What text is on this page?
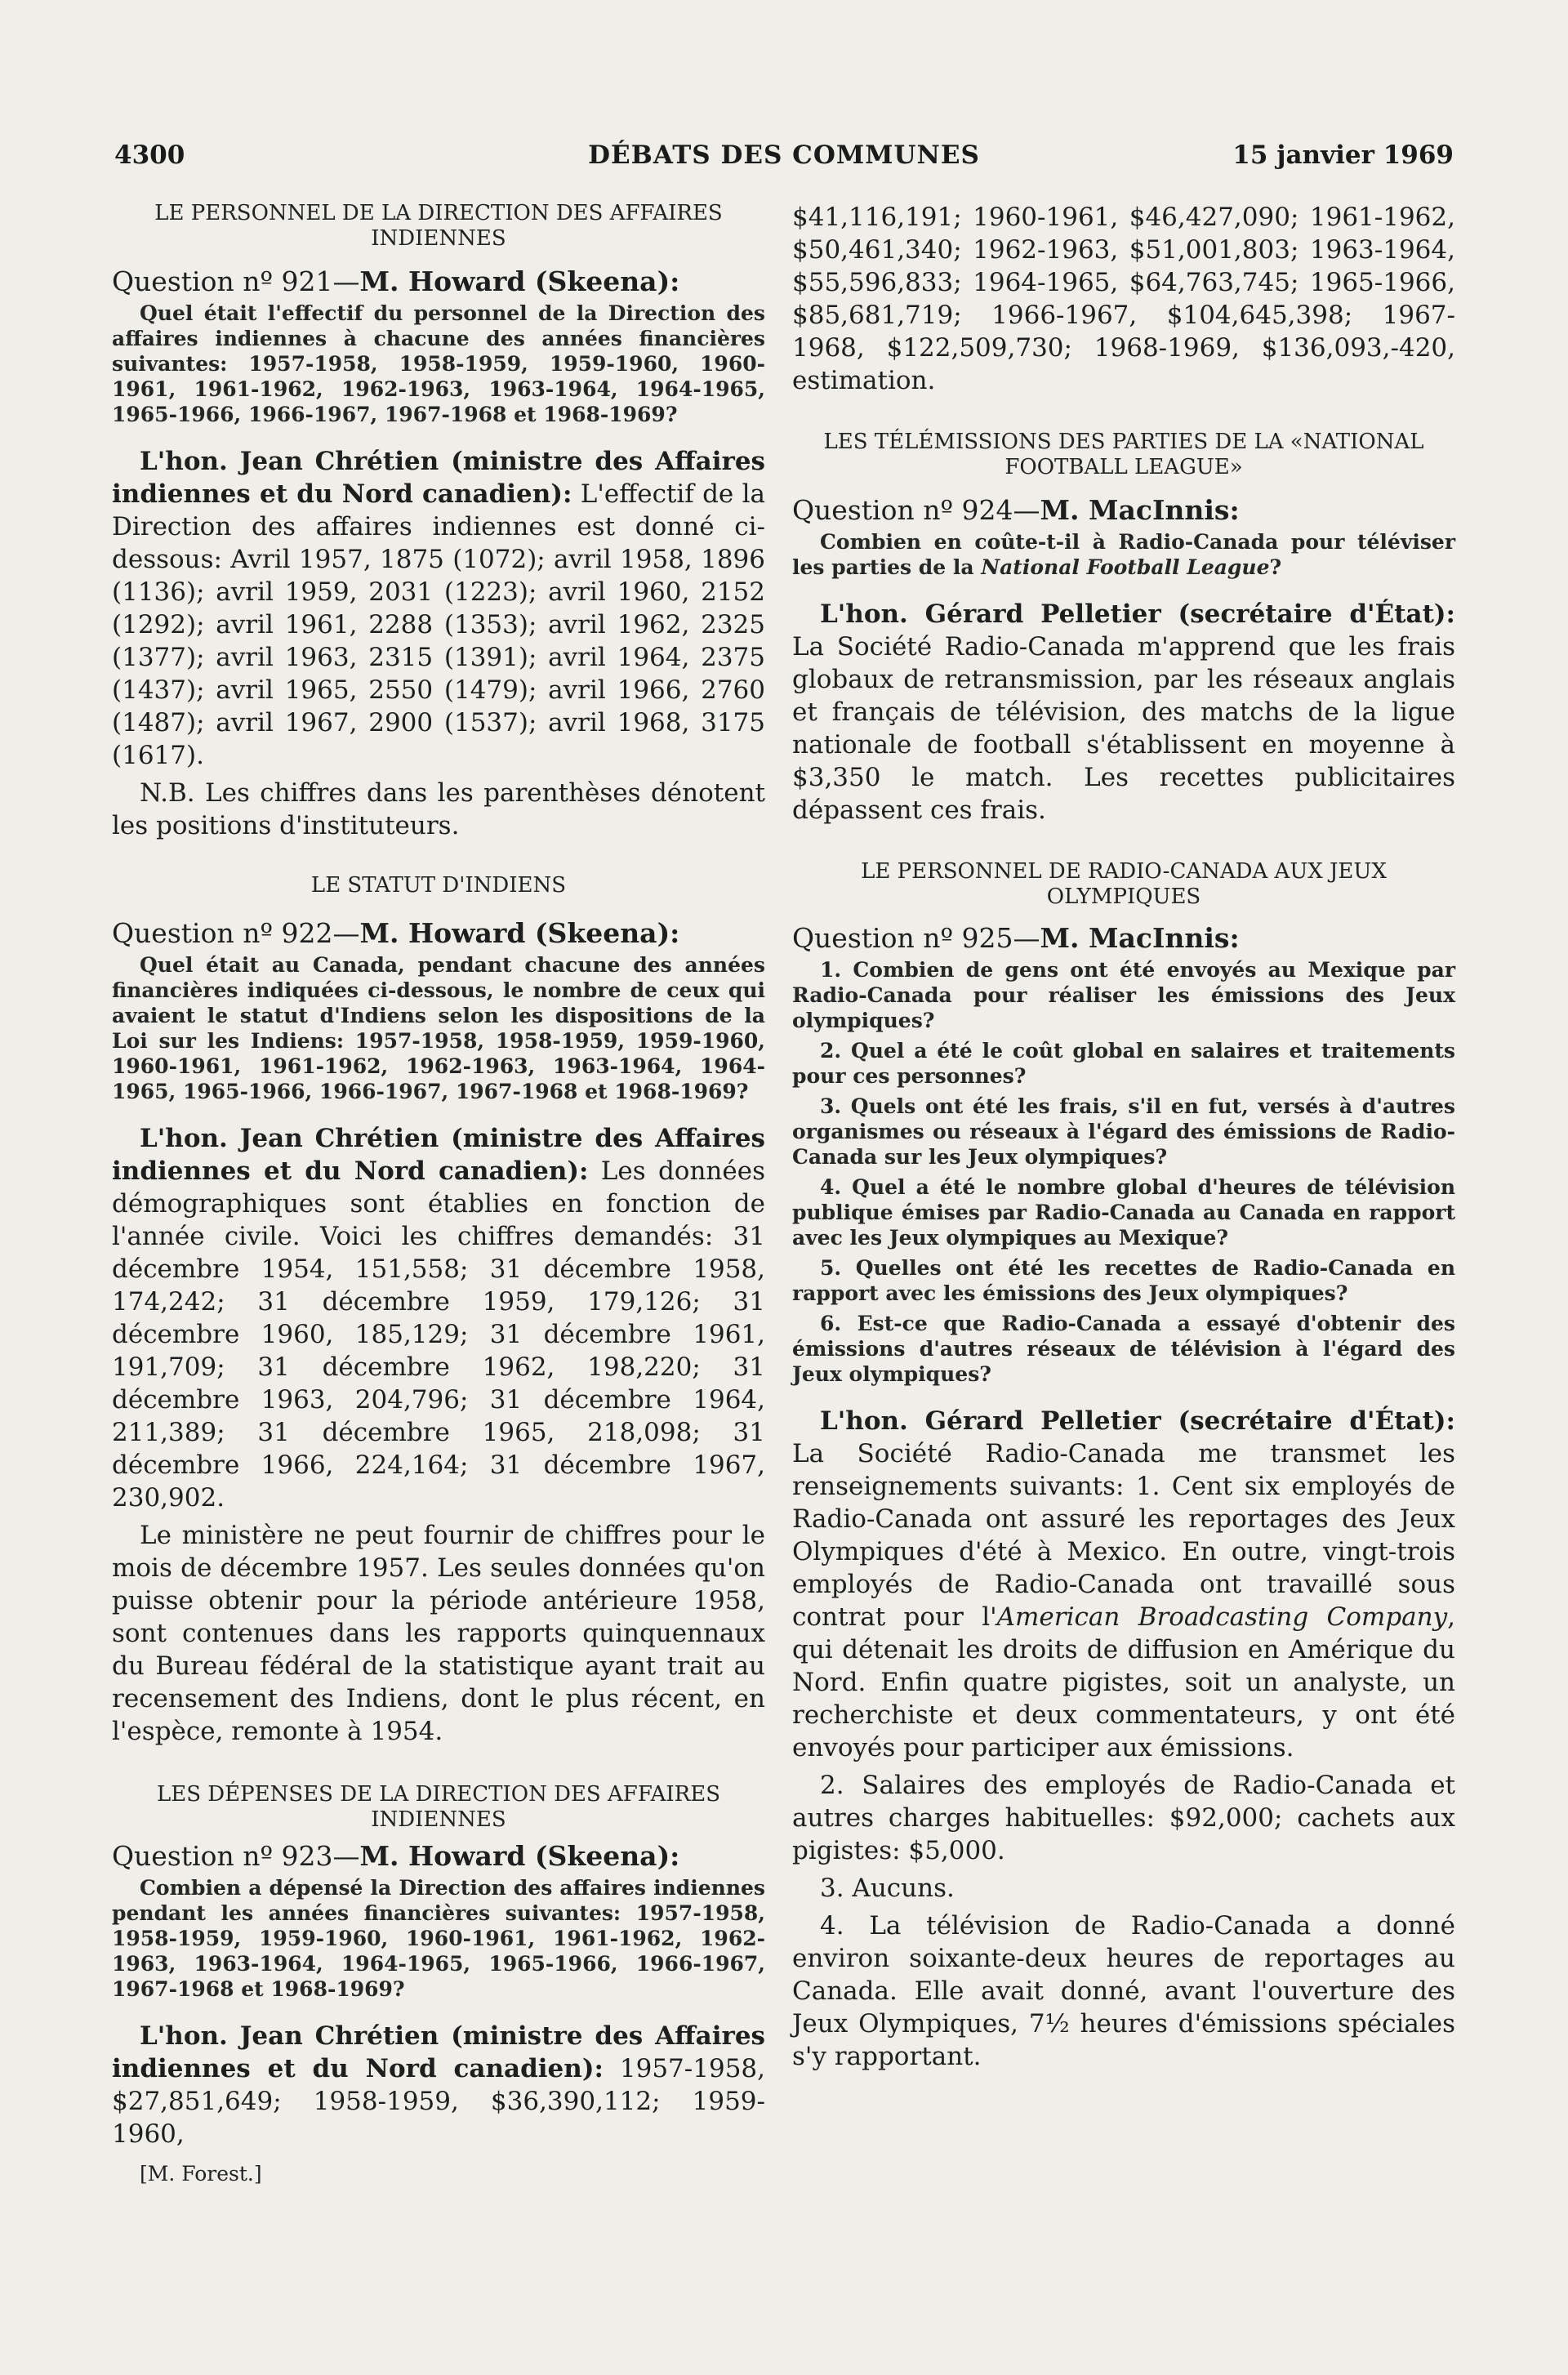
4300	DÉBATS DES COMMUNES	15 janvier 1969

LE PERSONNEL DE LA DIRECTION DES AFFAIRES INDIENNES

Question nº 921—M. Howard (Skeena):

Quel était l'effectif du personnel de la Direction des affaires indiennes à chacune des années financières suivantes: 1957-1958, 1958-1959, 1959-1960, 1960-1961, 1961-1962, 1962-1963, 1963-1964, 1964-1965, 1965-1966, 1966-1967, 1967-1968 et 1968-1969?

L'hon. Jean Chrétien (ministre des Affaires indiennes et du Nord canadien): L'effectif de la Direction des affaires indiennes est donné ci-dessous: Avril 1957, 1875 (1072); avril 1958, 1896 (1136); avril 1959, 2031 (1223); avril 1960, 2152 (1292); avril 1961, 2288 (1353); avril 1962, 2325 (1377); avril 1963, 2315 (1391); avril 1964, 2375 (1437); avril 1965, 2550 (1479); avril 1966, 2760 (1487); avril 1967, 2900 (1537); avril 1968, 3175 (1617).

N.B. Les chiffres dans les parenthèses dénotent les positions d'instituteurs.

LE STATUT D'INDIENS

Question nº 922—M. Howard (Skeena):

Quel était au Canada, pendant chacune des années financières indiquées ci-dessous, le nombre de ceux qui avaient le statut d'Indiens selon les dispositions de la Loi sur les Indiens: 1957-1958, 1958-1959, 1959-1960, 1960-1961, 1961-1962, 1962-1963, 1963-1964, 1964-1965, 1965-1966, 1966-1967, 1967-1968 et 1968-1969?

L'hon. Jean Chrétien (ministre des Affaires indiennes et du Nord canadien): Les données démographiques sont établies en fonction de l'année civile. Voici les chiffres demandés: 31 décembre 1954, 151,558; 31 décembre 1958, 174,242; 31 décembre 1959, 179,126; 31 décembre 1960, 185,129; 31 décembre 1961, 191,709; 31 décembre 1962, 198,220; 31 décembre 1963, 204,796; 31 décembre 1964, 211,389; 31 décembre 1965, 218,098; 31 décembre 1966, 224,164; 31 décembre 1967, 230,902.

Le ministère ne peut fournir de chiffres pour le mois de décembre 1957. Les seules données qu'on puisse obtenir pour la période antérieure 1958, sont contenues dans les rapports quinquennaux du Bureau fédéral de la statistique ayant trait au recensement des Indiens, dont le plus récent, en l'espèce, remonte à 1954.

LES DÉPENSES DE LA DIRECTION DES AFFAIRES INDIENNES

Question nº 923—M. Howard (Skeena):

Combien a dépensé la Direction des affaires indiennes pendant les années financières suivantes: 1957-1958, 1958-1959, 1959-1960, 1960-1961, 1961-1962, 1962-1963, 1963-1964, 1964-1965, 1965-1966, 1966-1967, 1967-1968 et 1968-1969?

L'hon. Jean Chrétien (ministre des Affaires indiennes et du Nord canadien): 1957-1958, $27,851,649; 1958-1959, $36,390,112; 1959-1960,

[M. Forest.]

$41,116,191; 1960-1961, $46,427,090; 1961-1962, $50,461,340; 1962-1963, $51,001,803; 1963-1964, $55,596,833; 1964-1965, $64,763,745; 1965-1966, $85,681,719; 1966-1967, $104,645,398; 1967-1968, $122,509,730; 1968-1969, $136,093,-420, estimation.

LES TÉLÉMISSIONS DES PARTIES DE LA «NATIONAL FOOTBALL LEAGUE»

Question nº 924—M. MacInnis:

Combien en coûte-t-il à Radio-Canada pour téléviser les parties de la National Football League?

L'hon. Gérard Pelletier (secrétaire d'État): La Société Radio-Canada m'apprend que les frais globaux de retransmission, par les réseaux anglais et français de télévision, des matchs de la ligue nationale de football s'établissent en moyenne à $3,350 le match. Les recettes publicitaires dépassent ces frais.

LE PERSONNEL DE RADIO-CANADA AUX JEUX OLYMPIQUES

Question nº 925—M. MacInnis:

1. Combien de gens ont été envoyés au Mexique par Radio-Canada pour réaliser les émissions des Jeux olympiques?

2. Quel a été le coût global en salaires et traitements pour ces personnes?

3. Quels ont été les frais, s'il en fut, versés à d'autres organismes ou réseaux à l'égard des émissions de Radio-Canada sur les Jeux olympiques?

4. Quel a été le nombre global d'heures de télévision publique émises par Radio-Canada au Canada en rapport avec les Jeux olympiques au Mexique?

5. Quelles ont été les recettes de Radio-Canada en rapport avec les émissions des Jeux olympiques?

6. Est-ce que Radio-Canada a essayé d'obtenir des émissions d'autres réseaux de télévision à l'égard des Jeux olympiques?

L'hon. Gérard Pelletier (secrétaire d'État): La Société Radio-Canada me transmet les renseignements suivants: 1. Cent six employés de Radio-Canada ont assuré les reportages des Jeux Olympiques d'été à Mexico. En outre, vingt-trois employés de Radio-Canada ont travaillé sous contrat pour l'American Broadcasting Company, qui détenait les droits de diffusion en Amérique du Nord. Enfin quatre pigistes, soit un analyste, un recherchiste et deux commentateurs, y ont été envoyés pour participer aux émissions.

2. Salaires des employés de Radio-Canada et autres charges habituelles: $92,000; cachets aux pigistes: $5,000.

3. Aucuns.

4. La télévision de Radio-Canada a donné environ soixante-deux heures de reportages au Canada. Elle avait donné, avant l'ouverture des Jeux Olympiques, 7½ heures d'émissions spéciales s'y rapportant.
